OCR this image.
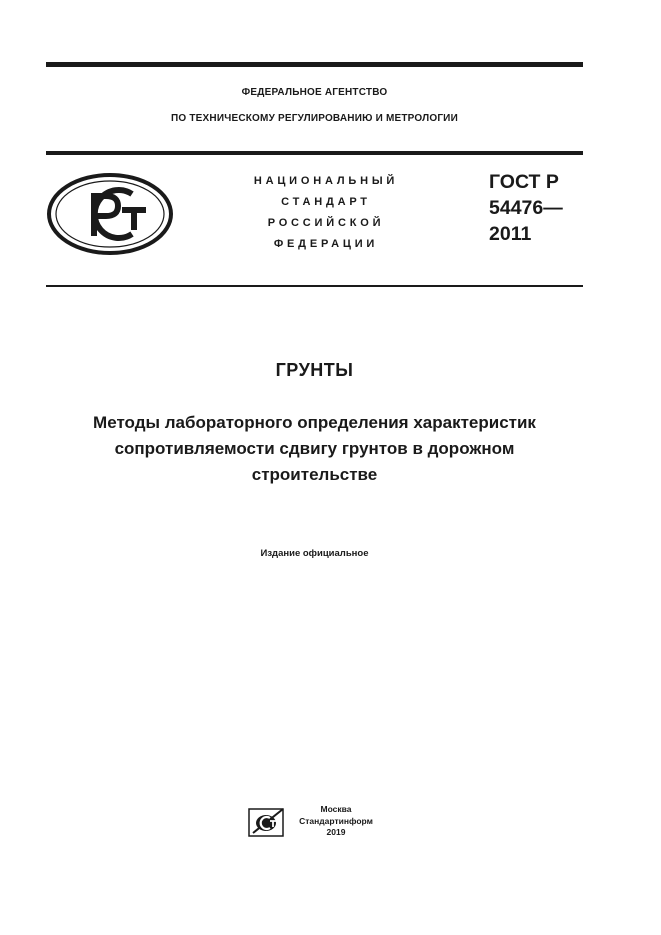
ФЕДЕРАЛЬНОЕ АГЕНТСТВО
ПО ТЕХНИЧЕСКОМУ РЕГУЛИРОВАНИЮ И МЕТРОЛОГИИ
НАЦИОНАЛЬНЫЙ
СТАНДАРТ
РОССИЙСКОЙ
ФЕДЕРАЦИИ
ГОСТ Р
54476—
2011
ГРУНТЫ
Методы лабораторного определения характеристик
сопротивляемости сдвигу грунтов в дорожном
строительстве
Издание официальное
Москва
Стандартинформ
2019
